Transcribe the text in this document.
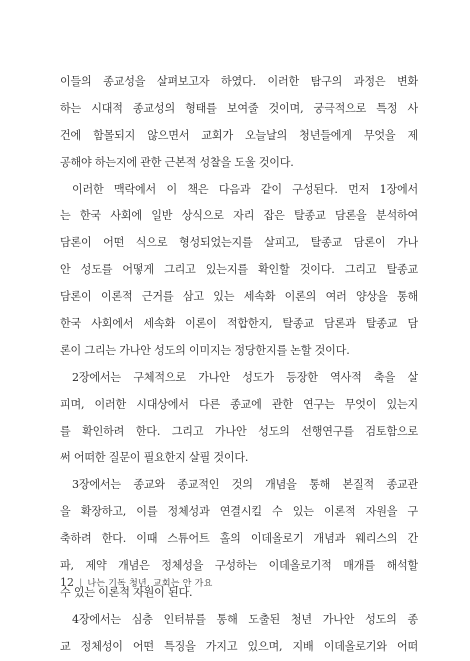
이들의 종교성을 살펴보고자 하였다. 이러한 탐구의 과정은 변화
하는 시대적 종교성의 형태를 보여줄 것이며, 궁극적으로 특정 사
건에 함몰되지 않으면서 교회가 오늘날의 청년들에게 무엇을 제
공해야 하는지에 관한 근본적 성찰을 도울 것이다.
이러한 맥락에서 이 책은 다음과 같이 구성된다. 먼저 1장에서
는 한국 사회에 일반 상식으로 자리 잡은 탈종교 담론을 분석하여
담론이 어떤 식으로 형성되었는지를 살피고, 탈종교 담론이 가나
안 성도를 어떻게 그리고 있는지를 확인할 것이다. 그리고 탈종교
담론이 이론적 근거를 삼고 있는 세속화 이론의 여러 양상을 통해
한국 사회에서 세속화 이론이 적합한지, 탈종교 담론과 탈종교 담
론이 그리는 가나안 성도의 이미지는 정당한지를 논할 것이다.
2장에서는 구체적으로 가나안 성도가 등장한 역사적 축을 살
피며, 이러한 시대상에서 다른 종교에 관한 연구는 무엇이 있는지
를 확인하려 한다. 그리고 가나안 성도의 선행연구를 검토함으로
써 어떠한 질문이 필요한지 살필 것이다.
3장에서는 종교와 종교적인 것의 개념을 통해 본질적 종교관
을 확장하고, 이를 정체성과 연결시킬 수 있는 이론적 자원을 구
축하려 한다. 이때 스튜어트 홀의 이데올로기 개념과 웨리스의 간
파, 제약 개념은 정체성을 구성하는 이데올로기적 매개를 해석할
수 있는 이론적 자원이 된다.
4장에서는 심층 인터뷰를 통해 도출된 청년 가나안 성도의 종
교 정체성이 어떤 특징을 가지고 있으며, 지배 이데올로기와 어떠
12 | 나는 기독 청년, 교회는 안 가요
